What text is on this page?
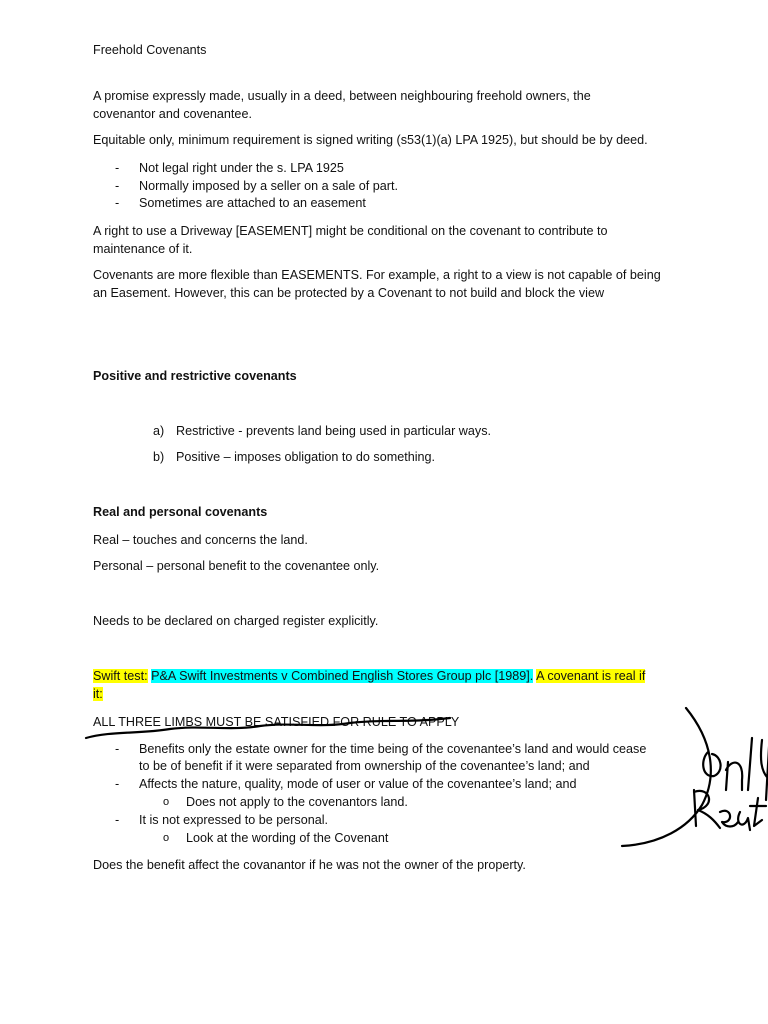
Freehold Covenants
A promise expressly made, usually in a deed, between neighbouring freehold owners, the
covenantor and covenantee.
Equitable only, minimum requirement is signed writing (s53(1)(a) LPA 1925), but should be by deed.
- Not legal right under the s. LPA 1925
- Normally imposed by a seller on a sale of part.
- Sometimes are attached to an easement
A right to use a Driveway [EASEMENT] might be conditional on the covenant to contribute to
maintenance of it.
Covenants are more flexible than EASEMENTS. For example, a right to a view is not capable of being
an Easement. However, this can be protected by a Covenant to not build and block the view
Positive and restrictive covenants
a) Restrictive - prevents land being used in particular ways.
b) Positive – imposes obligation to do something.
Real and personal covenants
Real – touches and concerns the land.
Personal – personal benefit to the covenantee only.
Needs to be declared on charged register explicitly.
Swift test: P&A Swift Investments v Combined English Stores Group plc [1989]. A covenant is real if
it:
ALL THREE LIMBS MUST BE SATISFIED FOR RULE TO APPLY
- Benefits only the estate owner for the time being of the covenantee’s land and would cease
to be of benefit if it were separated from ownership of the covenantee’s land; and
- Affects the nature, quality, mode of user or value of the covenantee’s land; and
o Does not apply to the covenantors land.
- It is not expressed to be personal.
o Look at the wording of the Covenant
Does the benefit affect the covanantor if he was not the owner of the property.
